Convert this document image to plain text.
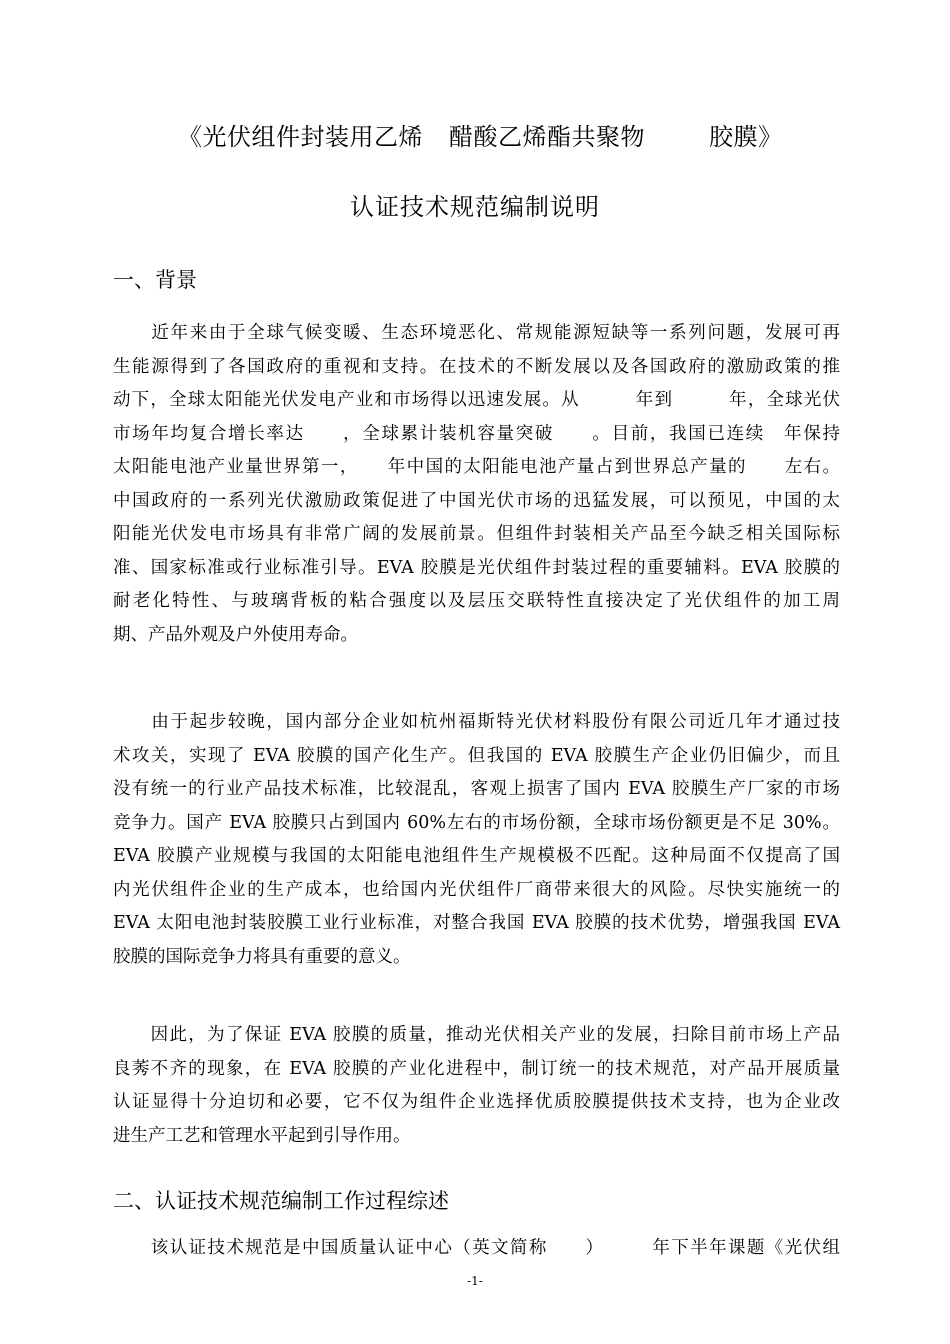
《光伏组件封装用乙烯 醋酸乙烯酯共聚物	胶膜》
认证技术规范编制说明
一、背景
　　近年来由于全球气候变暖、生态环境恶化、常规能源短缺等一系列问题，发展可再
生能源得到了各国政府的重视和支持。在技术的不断发展以及各国政府的激励政策的推
动下，全球太阳能光伏发电产业和市场得以迅速发展。从　　　年到　　　年，全球光伏
市场年均复合增长率达　　，全球累计装机容量突破　　。目前，我国已连续　年保持
太阳能电池产业量世界第一，　　年中国的太阳能电池产量占到世界总产量的　　左右。
中国政府的一系列光伏激励政策促进了中国光伏市场的迅猛发展，可以预见，中国的太
阳能光伏发电市场具有非常广阔的发展前景。但组件封装相关产品至今缺乏相关国际标
准、国家标准或行业标准引导。EVA 胶膜是光伏组件封装过程的重要辅料。EVA 胶膜的
耐老化特性、与玻璃背板的粘合强度以及层压交联特性直接决定了光伏组件的加工周
期、产品外观及户外使用寿命。
　　由于起步较晚，国内部分企业如杭州福斯特光伏材料股份有限公司近几年才通过技
术攻关，实现了 EVA 胶膜的国产化生产。但我国的 EVA 胶膜生产企业仍旧偏少，而且
没有统一的行业产品技术标准，比较混乱，客观上损害了国内 EVA 胶膜生产厂家的市场
竞争力。国产 EVA 胶膜只占到国内 60%左右的市场份额，全球市场份额更是不足 30%。
EVA 胶膜产业规模与我国的太阳能电池组件生产规模极不匹配。这种局面不仅提高了国
内光伏组件企业的生产成本，也给国内光伏组件厂商带来很大的风险。尽快实施统一的
EVA 太阳电池封装胶膜工业行业标准，对整合我国 EVA 胶膜的技术优势，增强我国 EVA
胶膜的国际竞争力将具有重要的意义。
　　因此，为了保证 EVA 胶膜的质量，推动光伏相关产业的发展，扫除目前市场上产品
良莠不齐的现象，在 EVA 胶膜的产业化进程中，制订统一的技术规范，对产品开展质量
认证显得十分迫切和必要，它不仅为组件企业选择优质胶膜提供技术支持，也为企业改
进生产工艺和管理水平起到引导作用。
二、认证技术规范编制工作过程综述
　　该认证技术规范是中国质量认证中心（英文简称　　）　　　年下半年课题《光伏组
-1-
